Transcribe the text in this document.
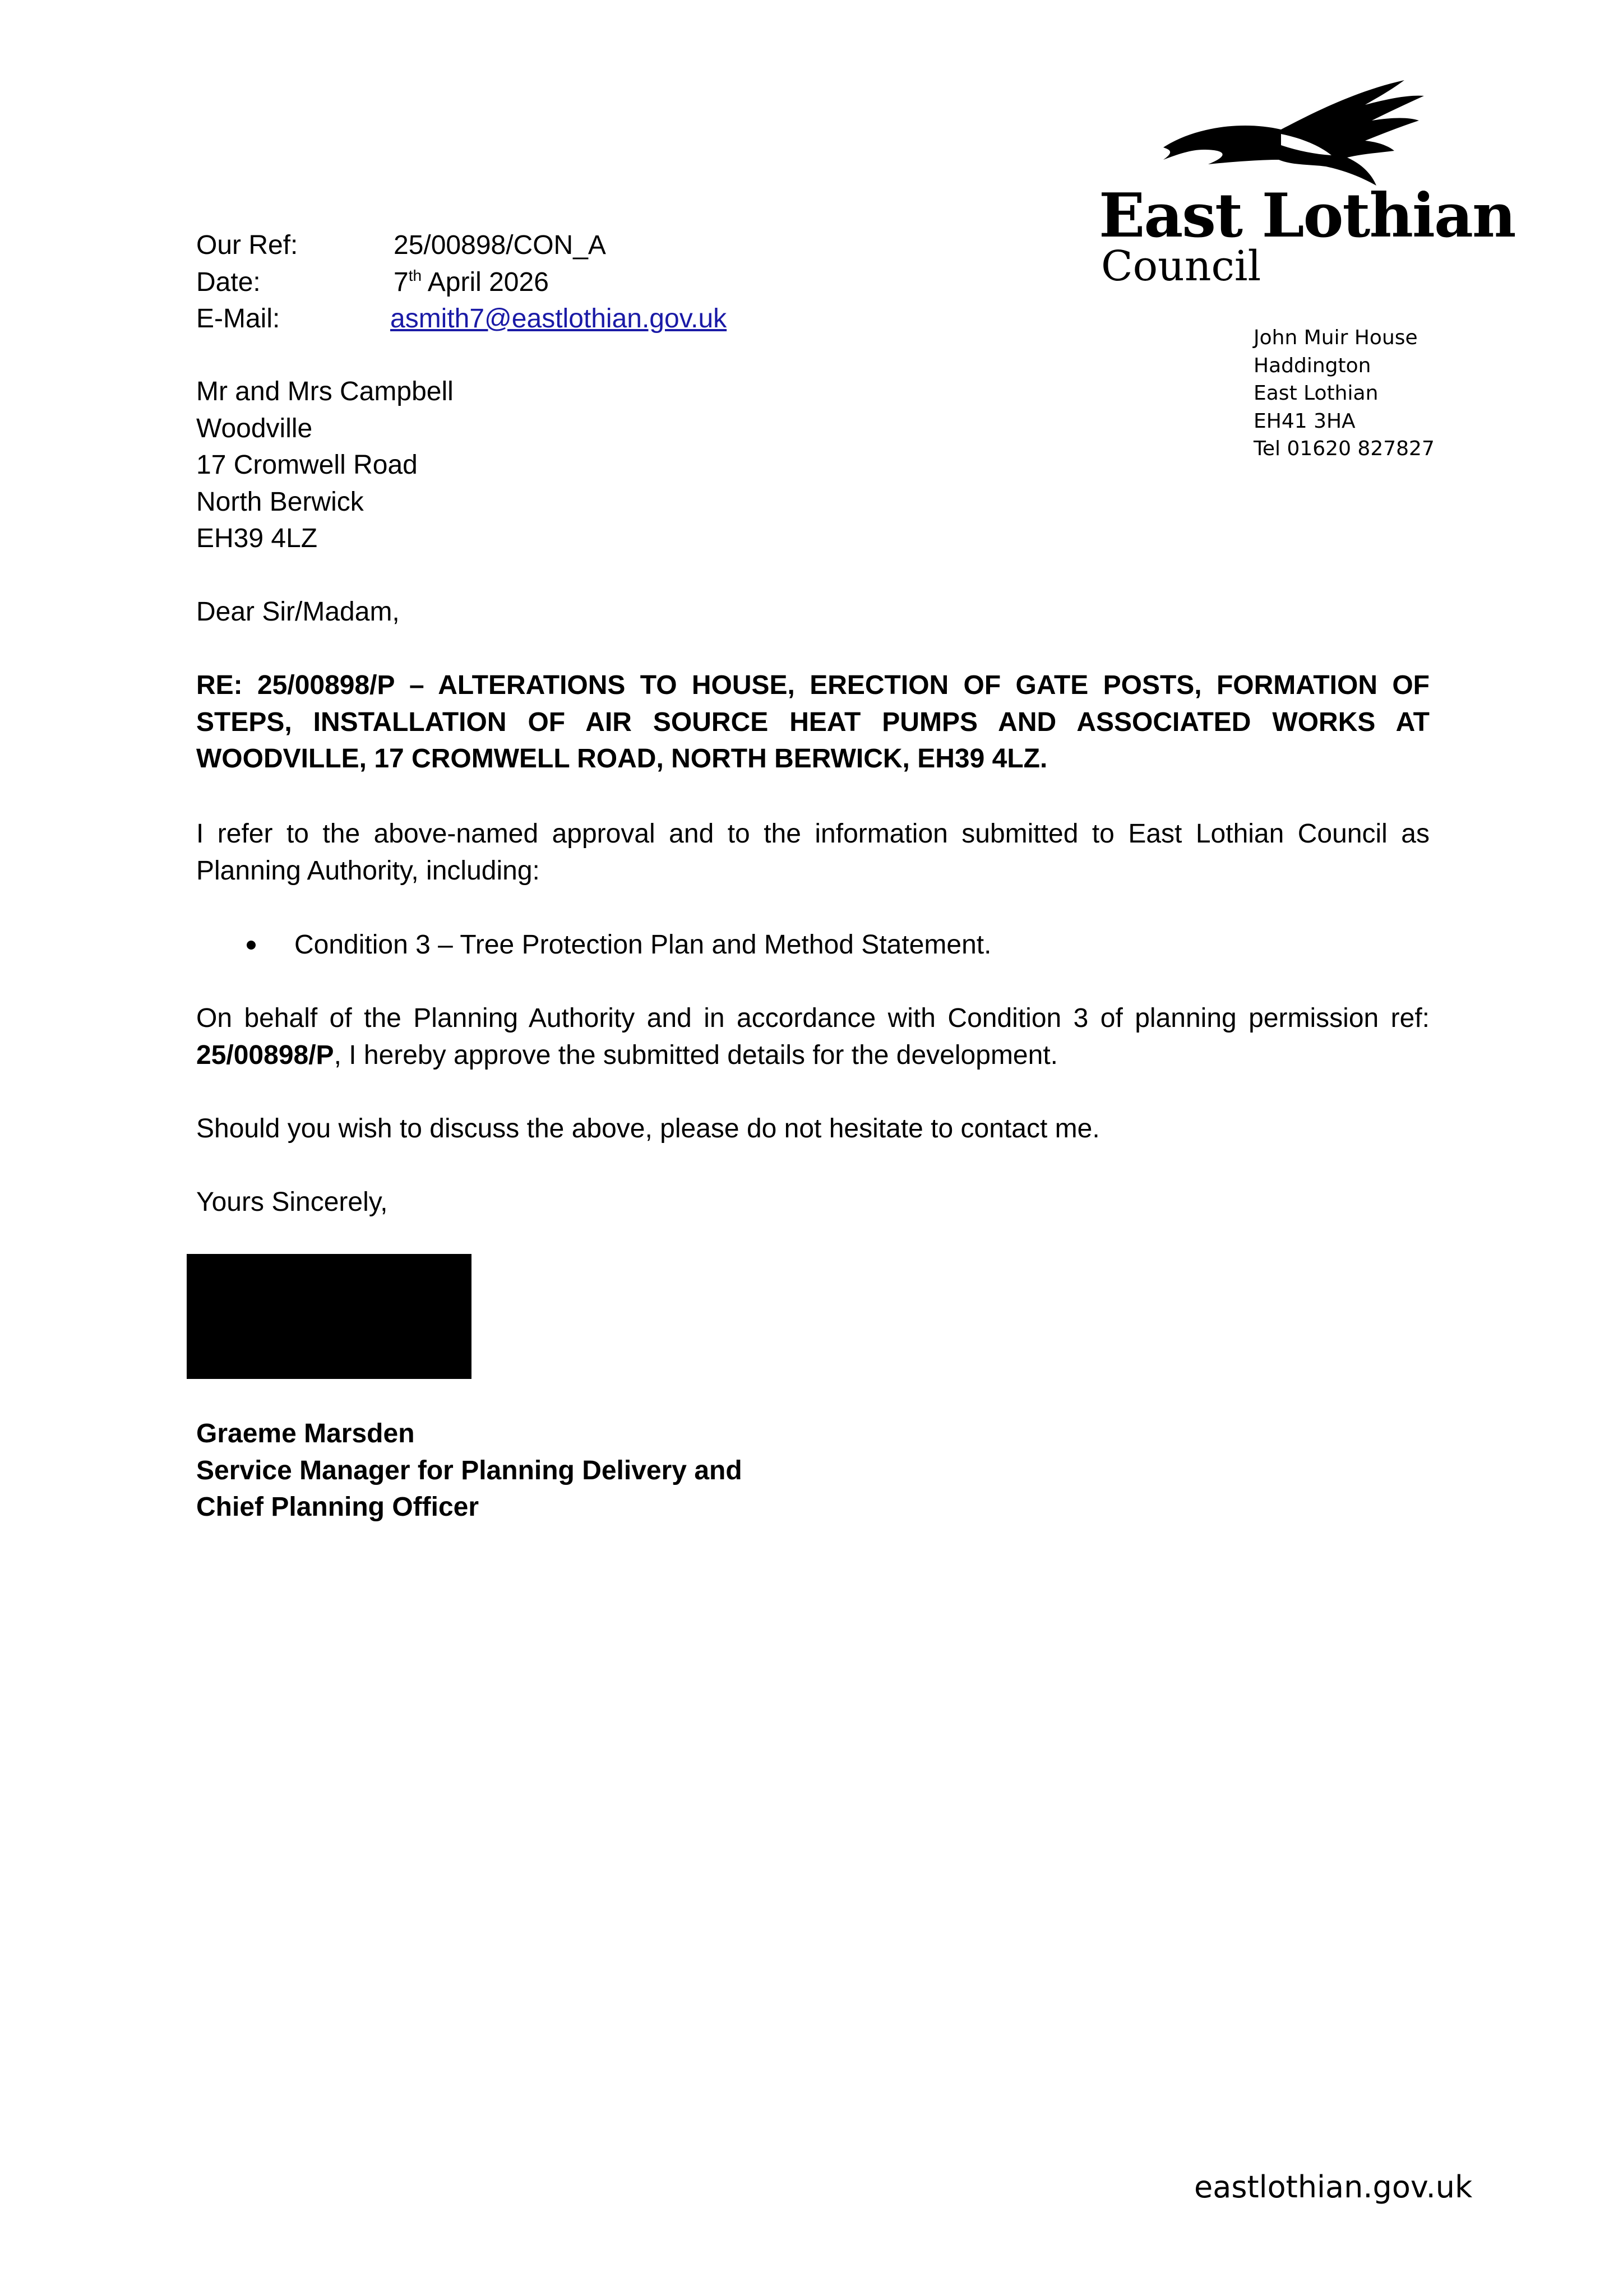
East Lothian
Council
John Muir House
Haddington
East Lothian
EH41 3HA
Tel 01620 827827
Our Ref:	25/00898/CON_A
Date:	7th April 2026
E-Mail:	asmith7@eastlothian.gov.uk
Mr and Mrs Campbell
Woodville
17 Cromwell Road
North Berwick
EH39 4LZ
Dear Sir/Madam,
RE: 25/00898/P – ALTERATIONS TO HOUSE, ERECTION OF GATE POSTS, FORMATION OF STEPS, INSTALLATION OF AIR SOURCE HEAT PUMPS AND ASSOCIATED WORKS AT WOODVILLE, 17 CROMWELL ROAD, NORTH BERWICK, EH39 4LZ.
I refer to the above-named approval and to the information submitted to East Lothian Council as Planning Authority, including:
Condition 3 – Tree Protection Plan and Method Statement.
On behalf of the Planning Authority and in accordance with Condition 3 of planning permission ref: 25/00898/P, I hereby approve the submitted details for the development.
Should you wish to discuss the above, please do not hesitate to contact me.
Yours Sincerely,
Graeme Marsden
Service Manager for Planning Delivery and
Chief Planning Officer
eastlothian.gov.uk
